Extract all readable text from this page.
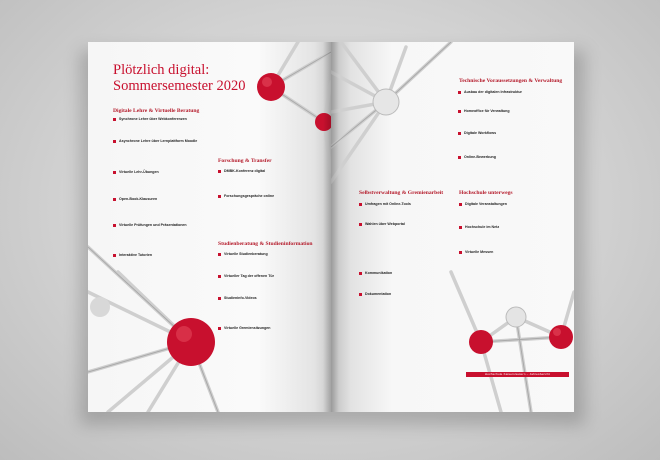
Plötzlich digital:
Sommersemester 2020
Digitale Lehre & Virtuelle Beratung
Synchrone Lehre über Webkonferenzen
Asynchrone Lehre über Lernplattform Moodle
Virtuelle Lehr-Übungen
Open-Book-Klausuren
Virtuelle Prüfungen und Präsentationen
Interaktive Tutorien
Forschung & Transfer
DMBK-Konferenz digital
Forschungsgespräche online
Studienberatung & Studieninformation
Virtuelle Studienberatung
Virtueller Tag der offenen Tür
Studieninfo-Videos
Virtuelle Gremiensitzungen
Technische Voraussetzungen & Verwaltung
Ausbau der digitalen Infrastruktur
Homeoffice für Verwaltung
Digitale Workflows
Online-Bewerbung
Selbstverwaltung & Gremienarbeit
Umfragen mit Online-Tools
Wahlen über Webportal
Kommunikation
Dokumentation
Hochschule unterwegs
Digitale Veranstaltungen
Hochschule im Netz
Virtuelle Messen
Hochschule Kaiserslautern – Jahresbericht
